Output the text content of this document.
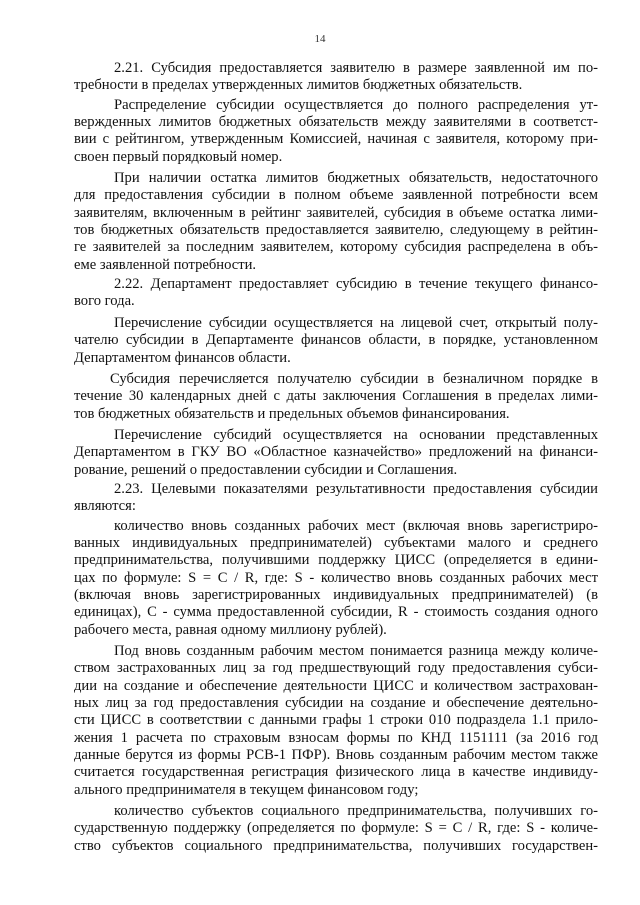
14
2.21. Субсидия предоставляется заявителю в размере заявленной им по-
требности в пределах утвержденных лимитов бюджетных обязательств.
Распределение субсидии осуществляется до полного распределения ут-
вержденных лимитов бюджетных обязательств между заявителями в соответст-
вии с рейтингом, утвержденным Комиссией, начиная с заявителя, которому при-
своен первый порядковый номер.
При наличии остатка лимитов бюджетных обязательств, недостаточного
для предоставления субсидии в полном объеме заявленной потребности всем
заявителям, включенным в рейтинг заявителей, субсидия в объеме остатка лими-
тов бюджетных обязательств предоставляется заявителю, следующему в рейтин-
ге заявителей за последним заявителем, которому субсидия распределена в объ-
еме заявленной потребности.
2.22. Департамент предоставляет субсидию в течение текущего финансо-
вого года.
Перечисление субсидии осуществляется на лицевой счет, открытый полу-
чателю субсидии в Департаменте финансов области, в порядке, установленном
Департаментом финансов области.
Субсидия перечисляется получателю субсидии в безналичном порядке в
течение 30 календарных дней с даты заключения Соглашения в пределах лими-
тов бюджетных обязательств и предельных объемов финансирования.
Перечисление субсидий осуществляется на основании представленных
Департаментом в ГКУ ВО «Областное казначейство» предложений на финанси-
рование, решений о предоставлении субсидии и Соглашения.
2.23. Целевыми показателями результативности предоставления субсидии
являются:
количество вновь созданных рабочих мест (включая вновь зарегистриро-
ванных индивидуальных предпринимателей) субъектами малого и среднего
предпринимательства, получившими поддержку ЦИСС (определяется в едини-
цах по формуле: S = C / R, где: S - количество вновь созданных рабочих мест
(включая вновь зарегистрированных индивидуальных предпринимателей) (в
единицах), C - сумма предоставленной субсидии, R - стоимость создания одного
рабочего места, равная одному миллиону рублей).
Под вновь созданным рабочим местом понимается разница между количе-
ством застрахованных лиц за год предшествующий году предоставления субси-
дии на создание и обеспечение деятельности ЦИСС и количеством застрахован-
ных лиц за год предоставления субсидии на создание и обеспечение деятельно-
сти ЦИСС в соответствии с данными графы 1 строки 010 подраздела 1.1 прило-
жения 1 расчета по страховым взносам формы по КНД 1151111 (за 2016 год
данные берутся из формы РСВ-1 ПФР). Вновь созданным рабочим местом также
считается государственная регистрация физического лица в качестве индивиду-
ального предпринимателя в текущем финансовом году;
количество субъектов социального предпринимательства, получивших го-
сударственную поддержку (определяется по формуле: S = C / R, где: S - количе-
ство субъектов социального предпринимательства, получивших государствен-
